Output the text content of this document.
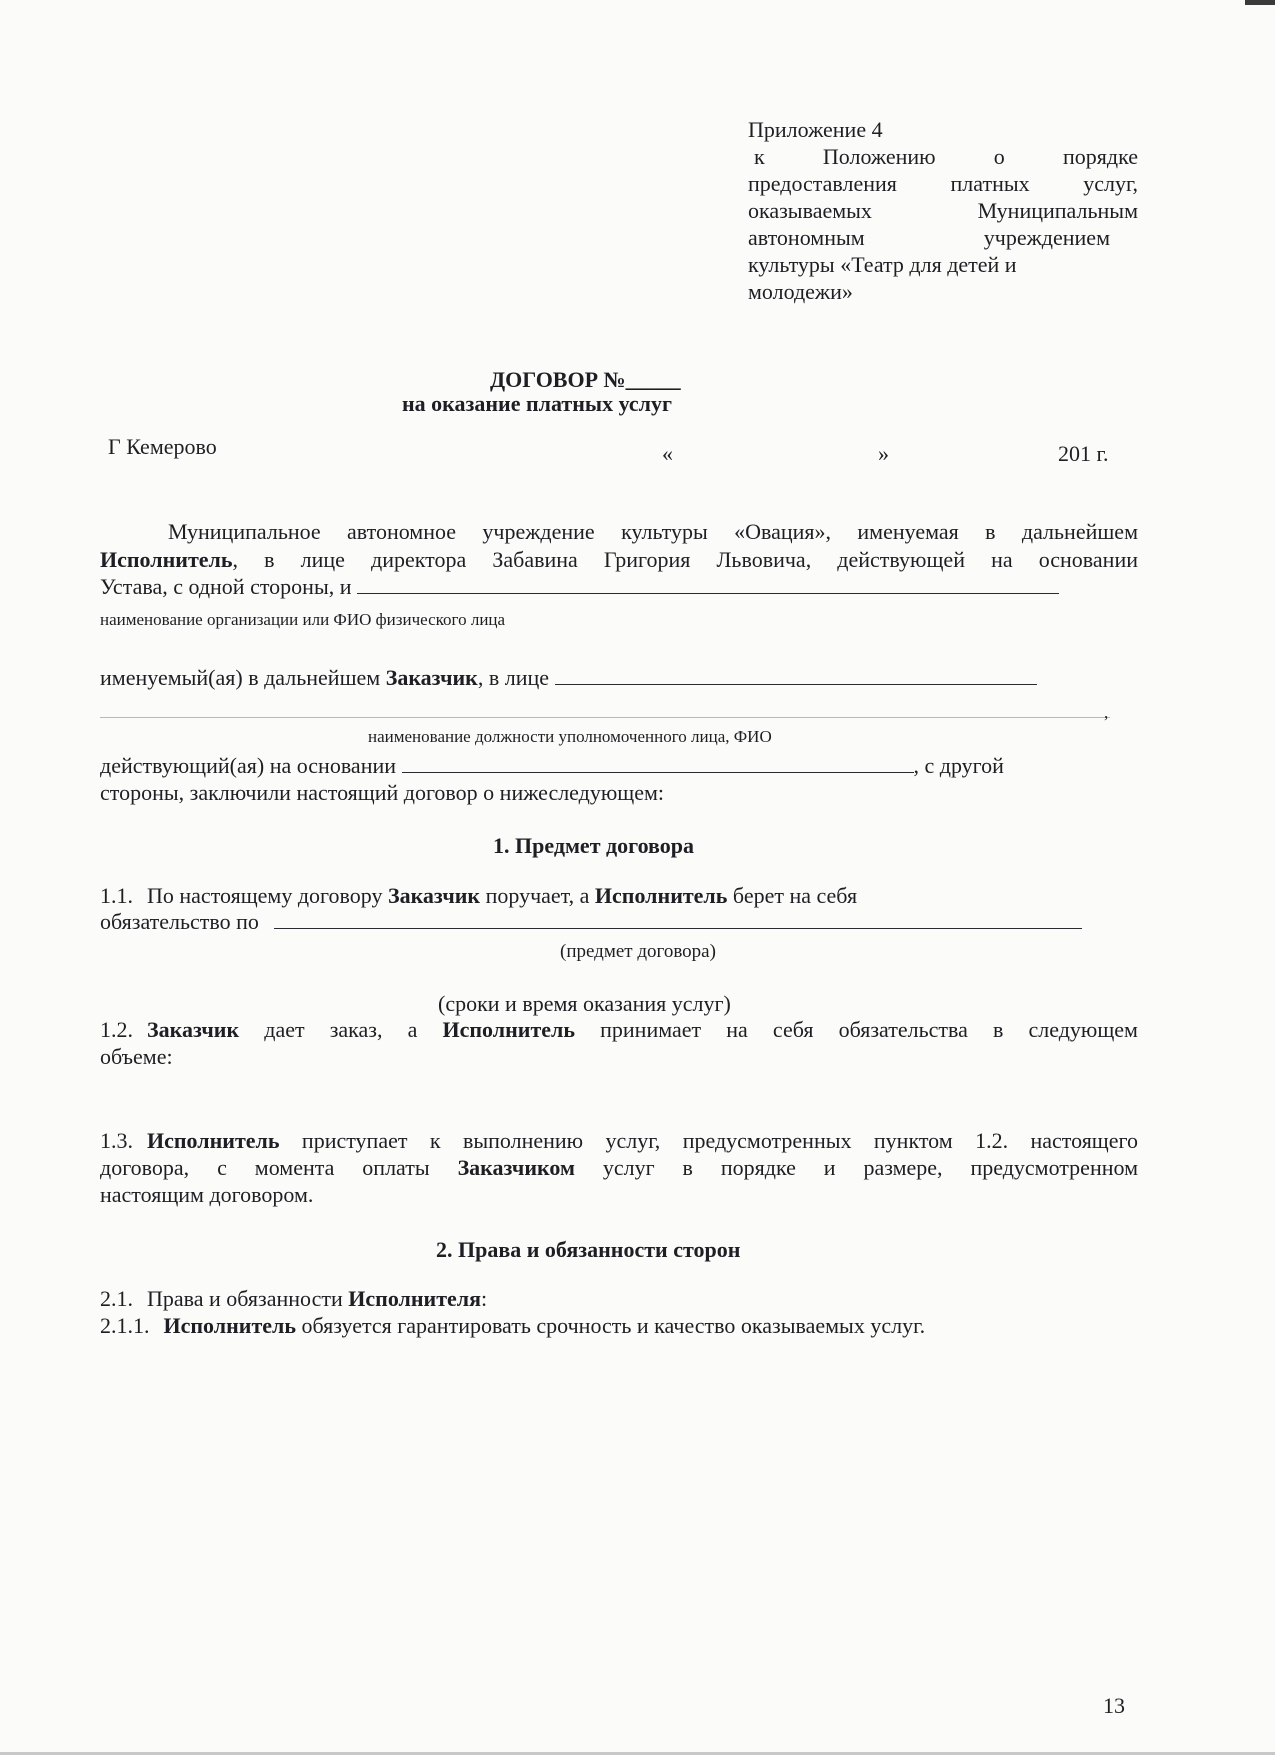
Приложение 4
к Положению о порядке
предоставления платных услуг,
оказываемых Муниципальным
автономным учреждением
культуры «Театр для детей и
молодежи»
ДОГОВОР №_____
на оказание платных услуг
Г Кемерово	«	»	201 г.
Муниципальное автономное учреждение культуры «Овация», именуемая в дальнейшем
Исполнитель, в лице директора Забавина Григория Львовича, действующей на основании
Устава, с одной стороны, и
наименование организации или ФИО физического лица
именуемый(ая) в дальнейшем Заказчик, в лице
,
наименование должности уполномоченного лица, ФИО
действующий(ая) на основании	, с другой
стороны, заключили настоящий договор о нижеследующем:
1. Предмет договора
1.1. По настоящему договору Заказчик поручает, а Исполнитель берет на себя
обязательство по
(предмет договора)
(сроки и время оказания услуг)
1.2. Заказчик дает заказ, а Исполнитель принимает на себя обязательства в следующем
объеме:
1.3. Исполнитель приступает к выполнению услуг, предусмотренных пунктом 1.2. настоящего
договора, с момента оплаты Заказчиком услуг в порядке и размере, предусмотренном
настоящим договором.
2. Права и обязанности сторон
2.1. Права и обязанности Исполнителя:
2.1.1. Исполнитель обязуется гарантировать срочность и качество оказываемых услуг.
13
